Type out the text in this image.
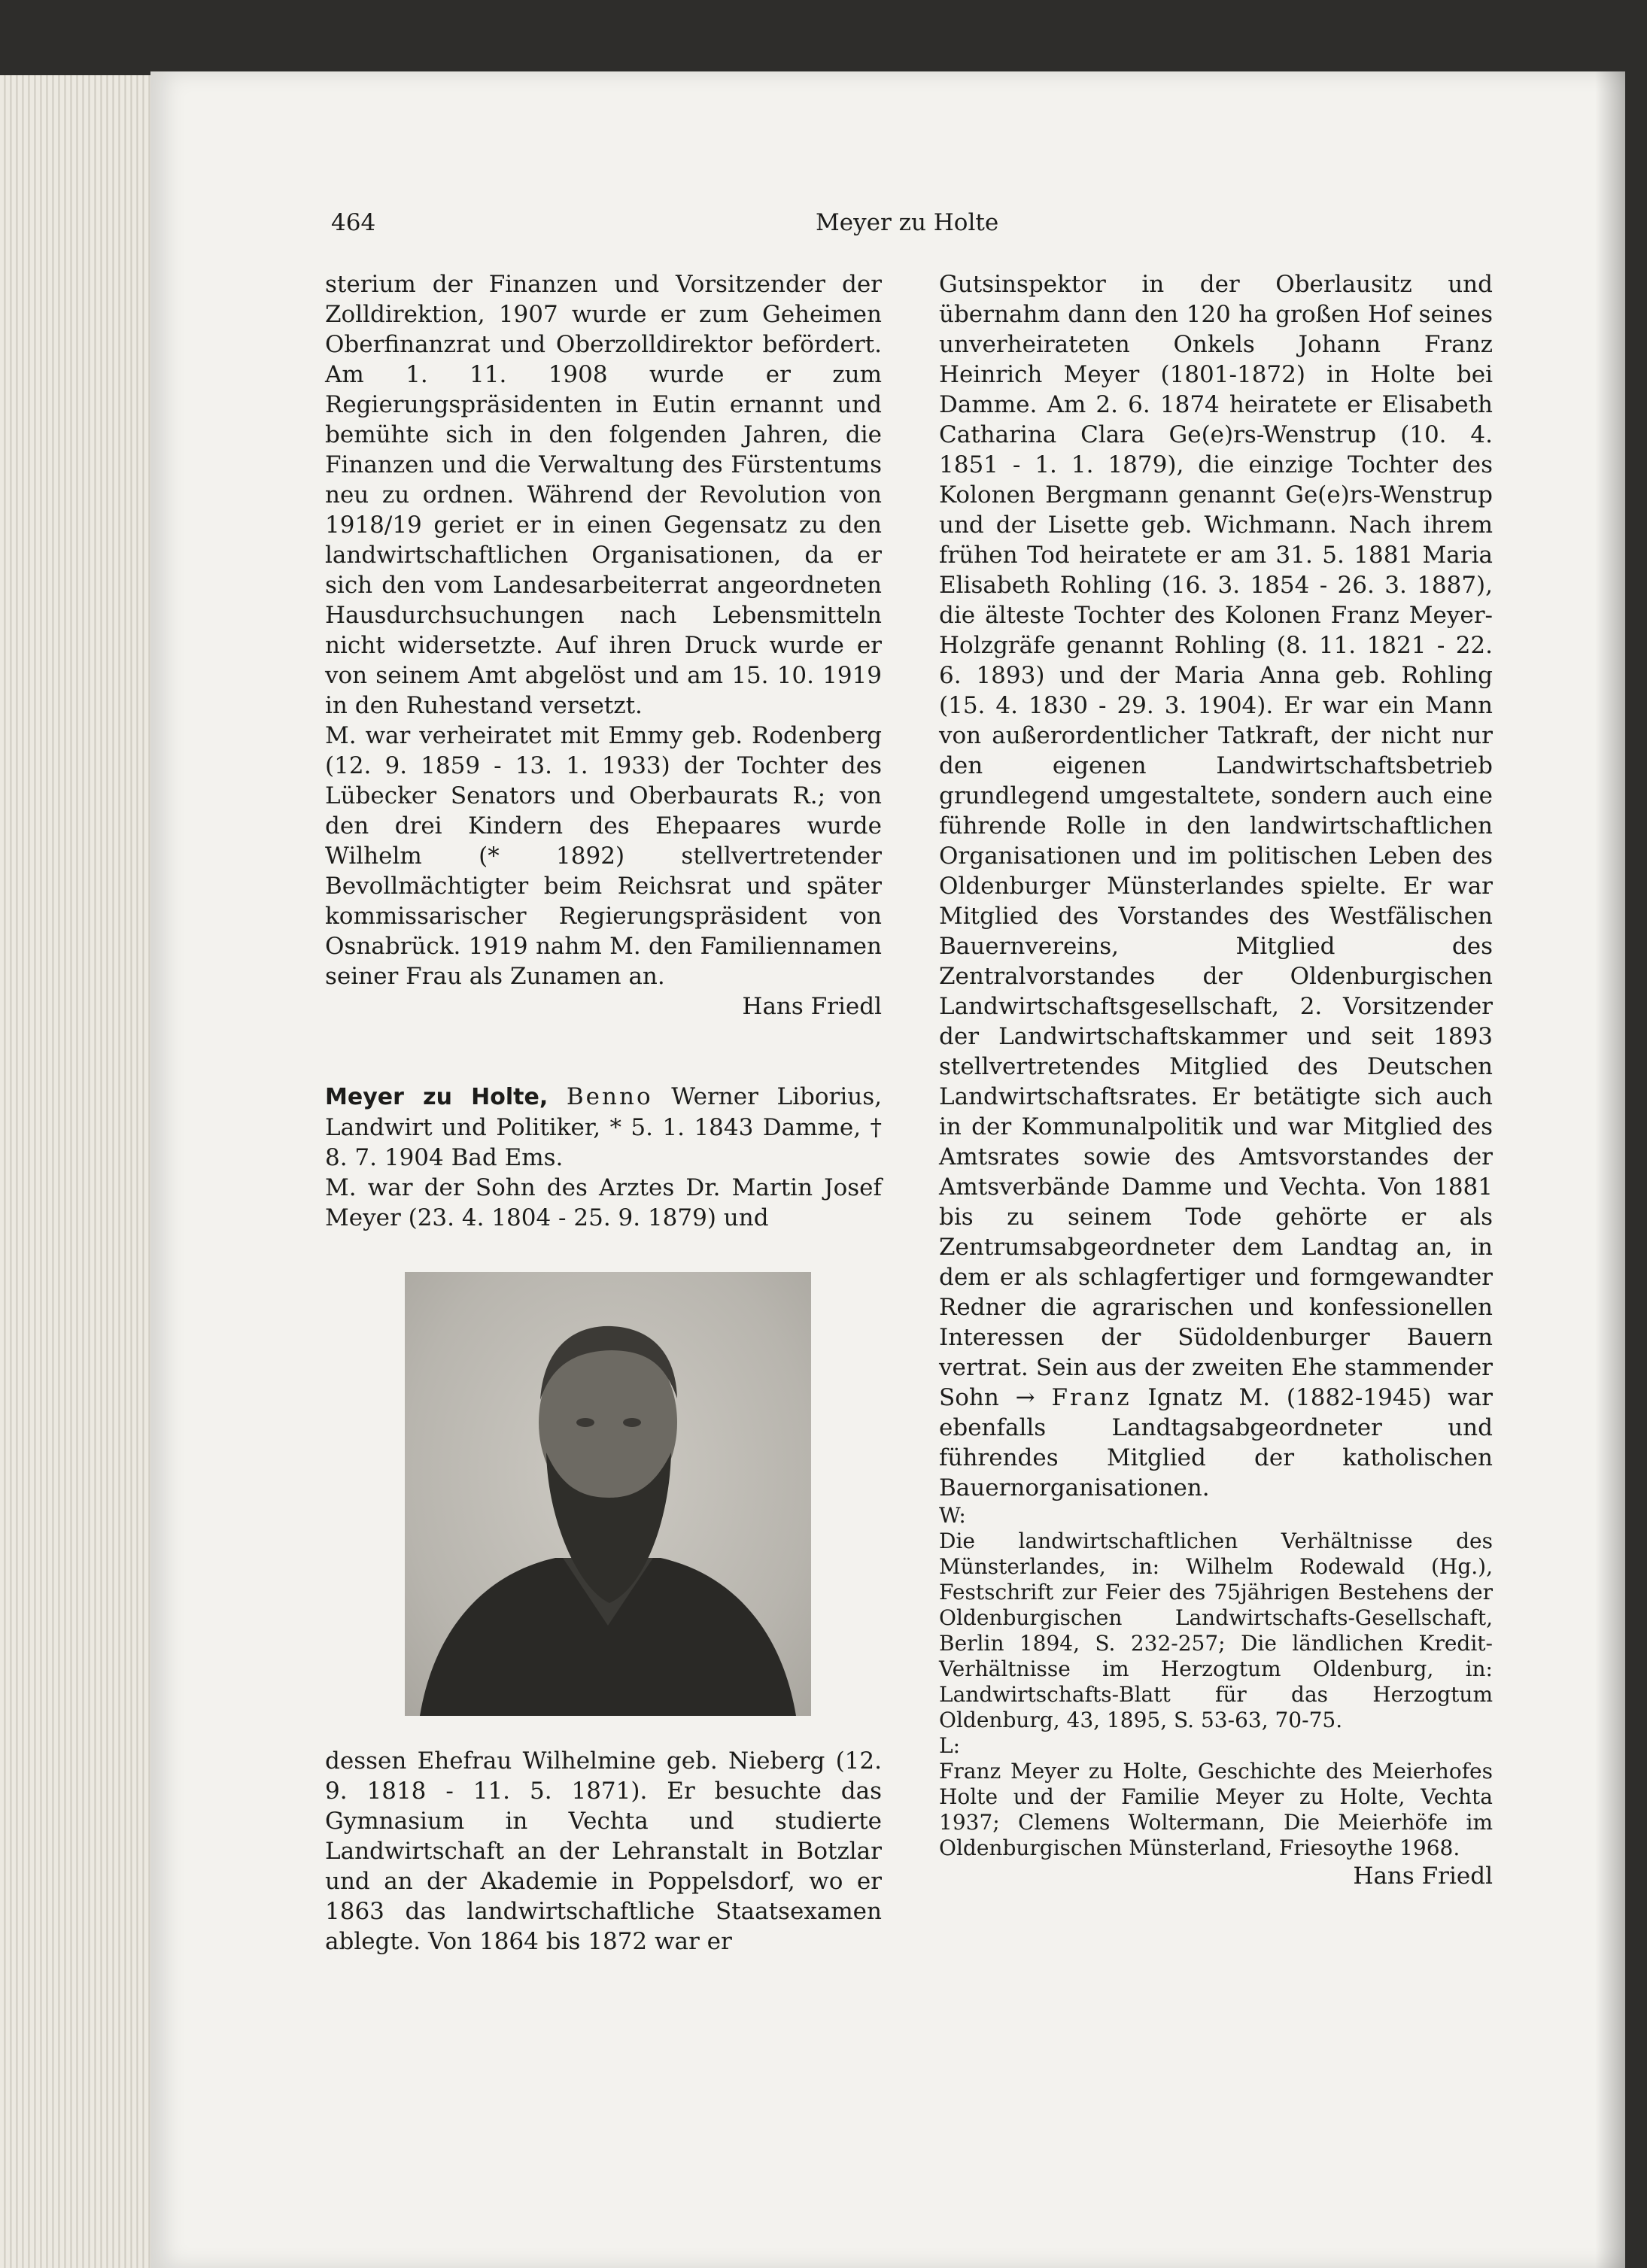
464	Meyer zu Holte

sterium der Finanzen und Vorsitzender der Zolldirektion, 1907 wurde er zum Geheimen Oberfinanzrat und Oberzolldirektor befördert. Am 1. 11. 1908 wurde er zum Regierungspräsidenten in Eutin ernannt und bemühte sich in den folgenden Jahren, die Finanzen und die Verwaltung des Fürstentums neu zu ordnen. Während der Revolution von 1918/19 geriet er in einen Gegensatz zu den landwirtschaftlichen Organisationen, da er sich den vom Landesarbeiterrat angeordneten Hausdurchsuchungen nach Lebensmitteln nicht widersetzte. Auf ihren Druck wurde er von seinem Amt abgelöst und am 15. 10. 1919 in den Ruhestand versetzt.

M. war verheiratet mit Emmy geb. Rodenberg (12. 9. 1859 - 13. 1. 1933) der Tochter des Lübecker Senators und Oberbaurats R.; von den drei Kindern des Ehepaares wurde Wilhelm (* 1892) stellvertretender Bevollmächtigter beim Reichsrat und später kommissarischer Regierungspräsident von Osnabrück. 1919 nahm M. den Familiennamen seiner Frau als Zunamen an.

Hans Friedl

Meyer zu Holte, Benno Werner Liborius, Landwirt und Politiker, * 5. 1. 1843 Damme, † 8. 7. 1904 Bad Ems.

M. war der Sohn des Arztes Dr. Martin Josef Meyer (23. 4. 1804 - 25. 9. 1879) und

dessen Ehefrau Wilhelmine geb. Nieberg (12. 9. 1818 - 11. 5. 1871). Er besuchte das Gymnasium in Vechta und studierte Landwirtschaft an der Lehranstalt in Botzlar und an der Akademie in Poppelsdorf, wo er 1863 das landwirtschaftliche Staatsexamen ablegte. Von 1864 bis 1872 war er

Gutsinspektor in der Oberlausitz und übernahm dann den 120 ha großen Hof seines unverheirateten Onkels Johann Franz Heinrich Meyer (1801-1872) in Holte bei Damme. Am 2. 6. 1874 heiratete er Elisabeth Catharina Clara Ge(e)rs-Wenstrup (10. 4. 1851 - 1. 1. 1879), die einzige Tochter des Kolonen Bergmann genannt Ge(e)rs-Wenstrup und der Lisette geb. Wichmann. Nach ihrem frühen Tod heiratete er am 31. 5. 1881 Maria Elisabeth Rohling (16. 3. 1854 - 26. 3. 1887), die älteste Tochter des Kolonen Franz Meyer-Holzgräfe genannt Rohling (8. 11. 1821 - 22. 6. 1893) und der Maria Anna geb. Rohling (15. 4. 1830 - 29. 3. 1904). Er war ein Mann von außerordentlicher Tatkraft, der nicht nur den eigenen Landwirtschaftsbetrieb grundlegend umgestaltete, sondern auch eine führende Rolle in den landwirtschaftlichen Organisationen und im politischen Leben des Oldenburger Münsterlandes spielte. Er war Mitglied des Vorstandes des Westfälischen Bauernvereins, Mitglied des Zentralvorstandes der Oldenburgischen Landwirtschaftsgesellschaft, 2. Vorsitzender der Landwirtschaftskammer und seit 1893 stellvertretendes Mitglied des Deutschen Landwirtschaftsrates. Er betätigte sich auch in der Kommunalpolitik und war Mitglied des Amtsrates sowie des Amtsvorstandes der Amtsverbände Damme und Vechta. Von 1881 bis zu seinem Tode gehörte er als Zentrumsabgeordneter dem Landtag an, in dem er als schlagfertiger und formgewandter Redner die agrarischen und konfessionellen Interessen der Südoldenburger Bauern vertrat. Sein aus der zweiten Ehe stammender Sohn → Franz Ignatz M. (1882-1945) war ebenfalls Landtagsabgeordneter und führendes Mitglied der katholischen Bauernorganisationen.

W:

Die landwirtschaftlichen Verhältnisse des Münsterlandes, in: Wilhelm Rodewald (Hg.), Festschrift zur Feier des 75jährigen Bestehens der Oldenburgischen Landwirtschafts-Gesellschaft, Berlin 1894, S. 232-257; Die ländlichen Kredit-Verhältnisse im Herzogtum Oldenburg, in: Landwirtschafts-Blatt für das Herzogtum Oldenburg, 43, 1895, S. 53-63, 70-75.

L:

Franz Meyer zu Holte, Geschichte des Meierhofes Holte und der Familie Meyer zu Holte, Vechta 1937; Clemens Woltermann, Die Meierhöfe im Oldenburgischen Münsterland, Friesoythe 1968.

Hans Friedl
